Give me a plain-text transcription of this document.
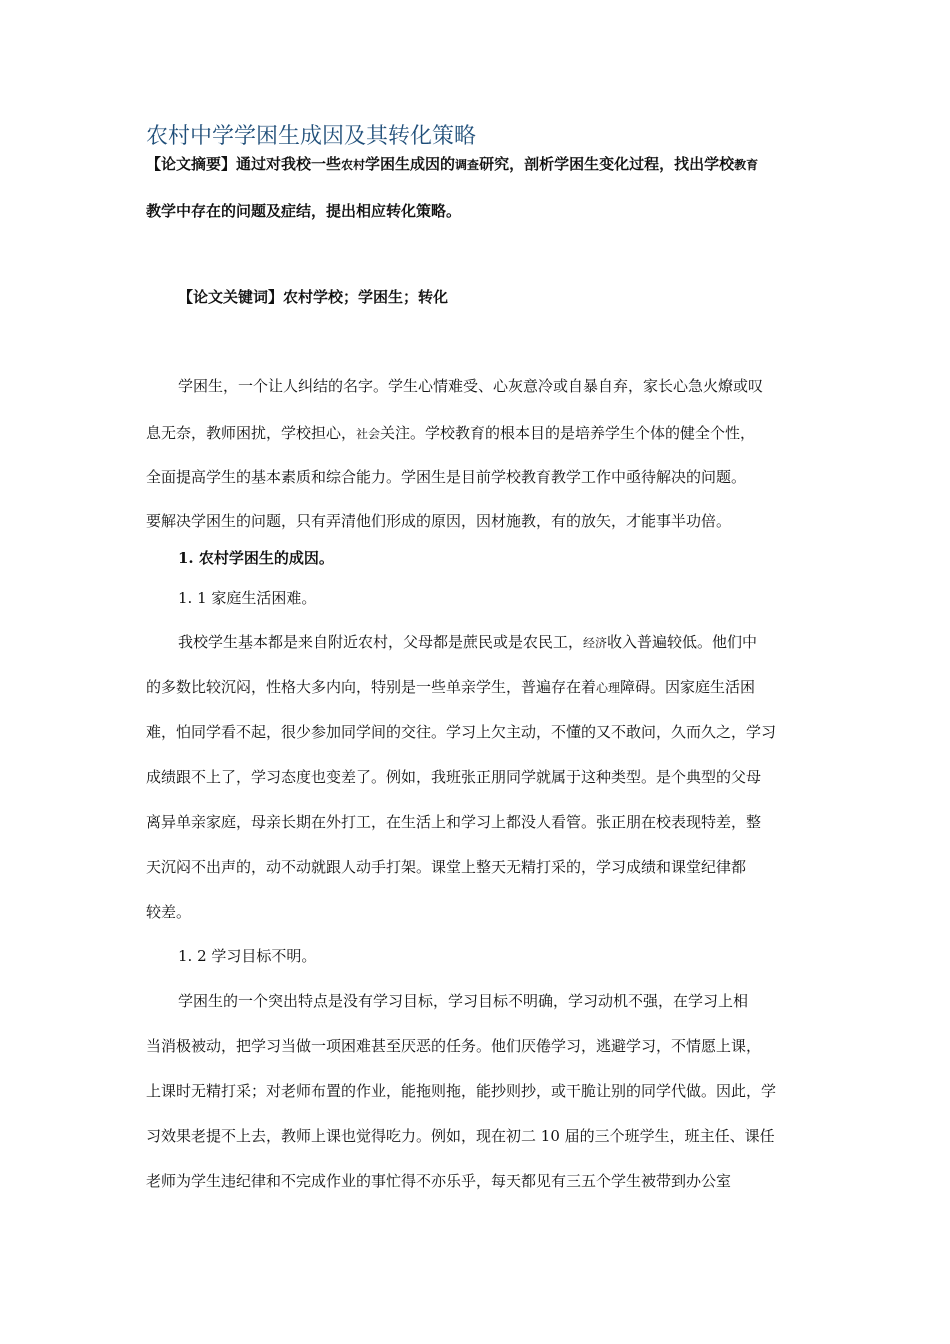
农村中学学困生成因及其转化策略

【论文摘要】通过对我校一些农村学困生成因的调查研究，剖析学困生变化过程，找出学校教育

教学中存在的问题及症结，提出相应转化策略。

【论文关键词】农村学校；学困生；转化

学困生，一个让人纠结的名字。学生心情难受、心灰意冷或自暴自弃，家长心急火燎或叹

息无奈，教师困扰，学校担心，社会关注。学校教育的根本目的是培养学生个体的健全个性，

全面提高学生的基本素质和综合能力。学困生是目前学校教育教学工作中亟待解决的问题。

要解决学困生的问题，只有弄清他们形成的原因，因材施教，有的放矢，才能事半功倍。

1. 农村学困生的成因。

1. 1 家庭生活困难。

我校学生基本都是来自附近农村，父母都是蔗民或是农民工，经济收入普遍较低。他们中

的多数比较沉闷，性格大多内向，特别是一些单亲学生，普遍存在着心理障碍。因家庭生活困

难，怕同学看不起，很少参加同学间的交往。学习上欠主动，不懂的又不敢问，久而久之，学习

成绩跟不上了，学习态度也变差了。例如，我班张正朋同学就属于这种类型。是个典型的父母

离异单亲家庭，母亲长期在外打工，在生活上和学习上都没人看管。张正朋在校表现特差，整

天沉闷不出声的，动不动就跟人动手打架。课堂上整天无精打采的，学习成绩和课堂纪律都

较差。

1. 2 学习目标不明。

学困生的一个突出特点是没有学习目标，学习目标不明确，学习动机不强，在学习上相

当消极被动，把学习当做一项困难甚至厌恶的任务。他们厌倦学习，逃避学习，不情愿上课，

上课时无精打采；对老师布置的作业，能拖则拖，能抄则抄，或干脆让别的同学代做。因此，学

习效果老提不上去，教师上课也觉得吃力。例如，现在初二 10 届的三个班学生，班主任、课任

老师为学生违纪律和不完成作业的事忙得不亦乐乎，每天都见有三五个学生被带到办公室
